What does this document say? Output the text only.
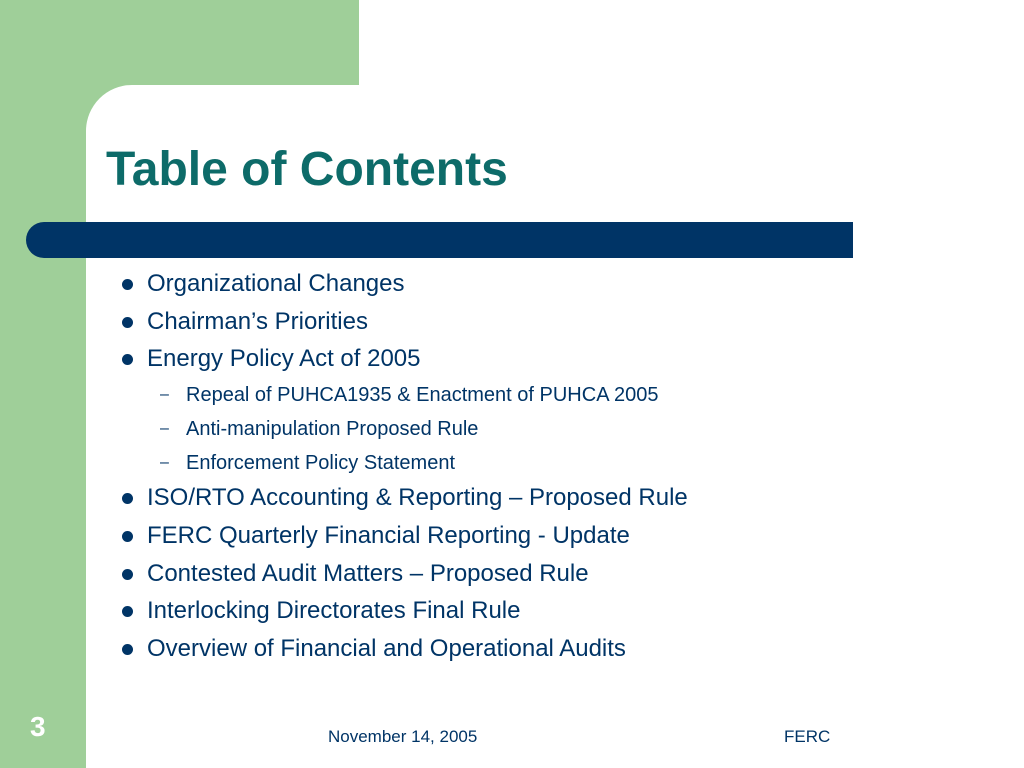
Table of Contents
Organizational Changes
Chairman’s Priorities
Energy Policy Act of 2005
– Repeal of PUHCA1935 & Enactment of PUHCA 2005
– Anti-manipulation Proposed Rule
– Enforcement Policy Statement
ISO/RTO Accounting & Reporting – Proposed Rule
FERC Quarterly Financial Reporting - Update
Contested Audit Matters – Proposed Rule
Interlocking Directorates Final Rule
Overview of Financial and Operational Audits
3	November 14, 2005	FERC
